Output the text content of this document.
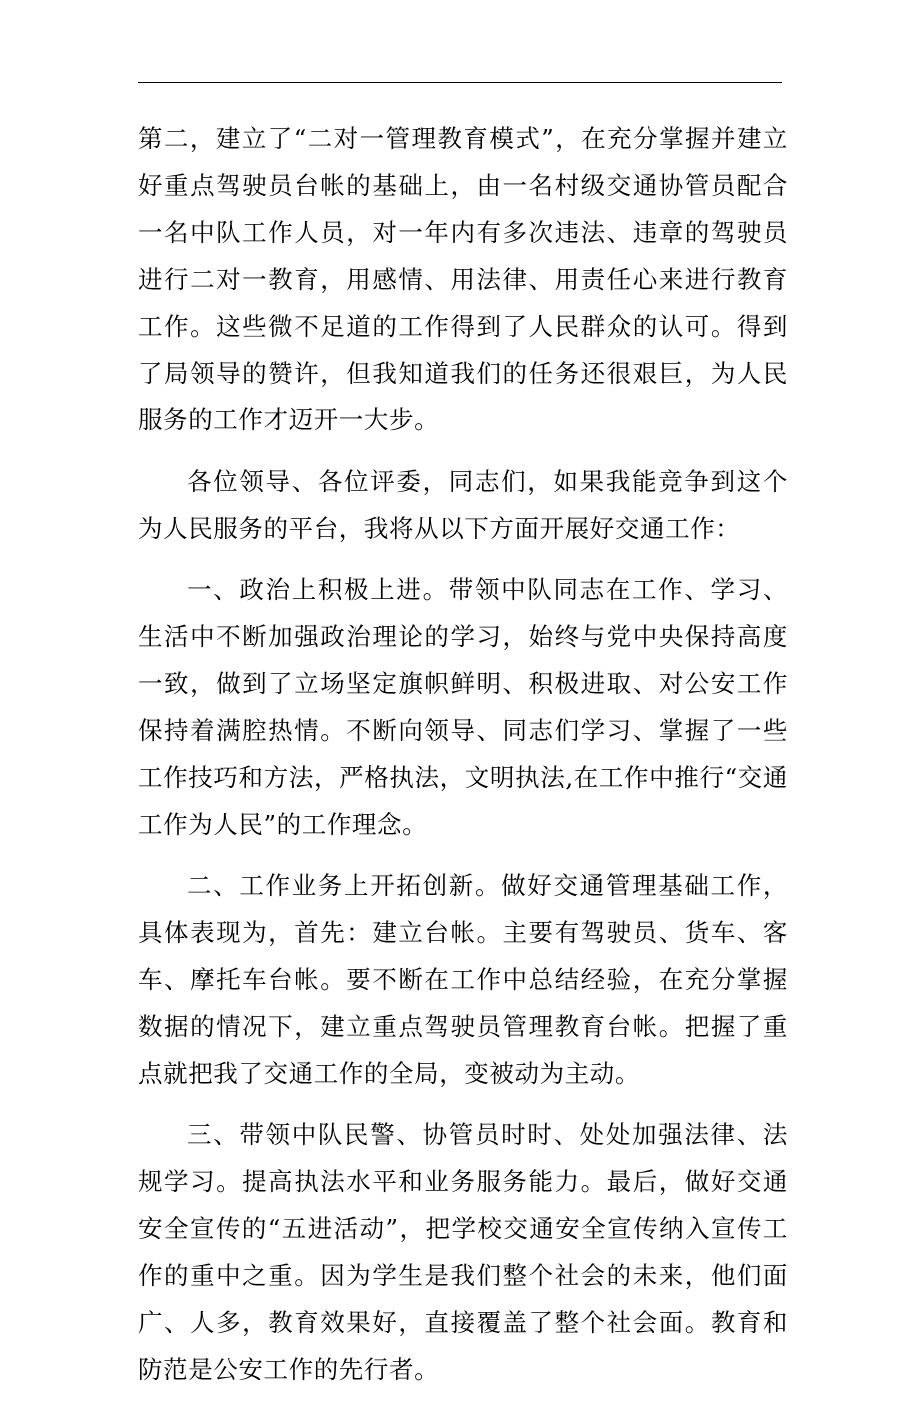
第二，建立了“二对一管理教育模式”，在充分掌握并建立好重点驾驶员台帐的基础上，由一名村级交通协管员配合一名中队工作人员，对一年内有多次违法、违章的驾驶员进行二对一教育，用感情、用法律、用责任心来进行教育工作。这些微不足道的工作得到了人民群众的认可。得到了局领导的赞许，但我知道我们的任务还很艰巨，为人民服务的工作才迈开一大步。

各位领导、各位评委，同志们，如果我能竞争到这个为人民服务的平台，我将从以下方面开展好交通工作：

一、政治上积极上进。带领中队同志在工作、学习、生活中不断加强政治理论的学习，始终与党中央保持高度一致，做到了立场坚定旗帜鲜明、积极进取、对公安工作保持着满腔热情。不断向领导、同志们学习、掌握了一些工作技巧和方法，严格执法，文明执法,在工作中推行“交通工作为人民”的工作理念。

二、工作业务上开拓创新。做好交通管理基础工作，具体表现为，首先：建立台帐。主要有驾驶员、货车、客车、摩托车台帐。要不断在工作中总结经验，在充分掌握数据的情况下，建立重点驾驶员管理教育台帐。把握了重点就把我了交通工作的全局，变被动为主动。

三、带领中队民警、协管员时时、处处加强法律、法规学习。提高执法水平和业务服务能力。最后，做好交通安全宣传的“五进活动”，把学校交通安全宣传纳入宣传工作的重中之重。因为学生是我们整个社会的未来，他们面广、人多，教育效果好，直接覆盖了整个社会面。教育和防范是公安工作的先行者。
